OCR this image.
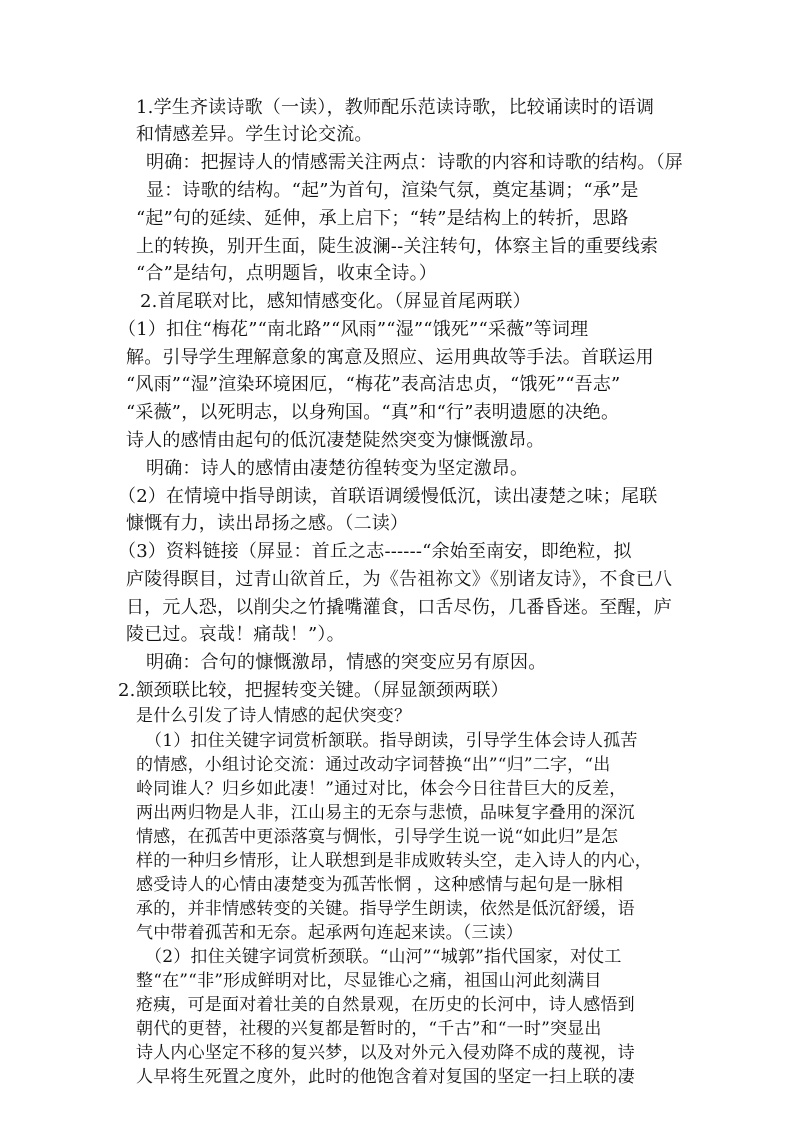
1.学生齐读诗歌（一读），教师配乐范读诗歌，比较诵读时的语调
和情感差异。学生讨论交流。
明确：把握诗人的情感需关注两点：诗歌的内容和诗歌的结构。（屏
显：诗歌的结构。“起”为首句，渲染气氛，奠定基调；“承”是
“起”句的延续、延伸，承上启下；“转”是结构上的转折，思路
上的转换，别开生面，陡生波澜--关注转句，体察主旨的重要线索
“合”是结句，点明题旨，收束全诗。）
2.首尾联对比，感知情感变化。（屏显首尾两联）
（1）扣住“梅花”“南北路”“风雨”“湿”“饿死”“采薇”等词理
解。引导学生理解意象的寓意及照应、运用典故等手法。首联运用
“风雨”“湿”渲染环境困厄，“梅花”表高洁忠贞，“饿死”“吾志”
“采薇”，以死明志，以身殉国。“真”和“行”表明遗愿的决绝。
诗人的感情由起句的低沉凄楚陡然突变为慷慨激昂。
明确：诗人的感情由凄楚彷徨转变为坚定激昂。
（2）在情境中指导朗读，首联语调缓慢低沉，读出凄楚之味；尾联
慷慨有力，读出昂扬之感。（二读）
（3）资料链接（屏显：首丘之志------“余始至南安，即绝粒，拟
庐陵得瞑目，过青山欲首丘，为《告祖祢文》《别诸友诗》，不食已八
日，元人恐，以削尖之竹撬嘴灌食，口舌尽伤，几番昏迷。至醒，庐
陵已过。哀哉！痛哉！”）。
明确：合句的慷慨激昂，情感的突变应另有原因。
2.颔颈联比较，把握转变关键。（屏显颔颈两联）
是什么引发了诗人情感的起伏突变？
（1）扣住关键字词赏析颔联。指导朗读，引导学生体会诗人孤苦
的情感，小组讨论交流：通过改动字词替换“出”“归”二字，“出
岭同谁人？归乡如此凄！”通过对比，体会今日往昔巨大的反差，
两出两归物是人非，江山易主的无奈与悲愤，品味复字叠用的深沉
情感，在孤苦中更添落寞与惆怅，引导学生说一说“如此归”是怎
样的一种归乡情形，让人联想到是非成败转头空，走入诗人的内心，
感受诗人的心情由凄楚变为孤苦怅惘 ，这种感情与起句是一脉相
承的，并非情感转变的关键。指导学生朗读，依然是低沉舒缓，语
气中带着孤苦和无奈。起承两句连起来读。（三读）
（2）扣住关键字词赏析颈联。“山河”“城郭”指代国家，对仗工
整“在”“非”形成鲜明对比，尽显锥心之痛，祖国山河此刻满目
疮痍，可是面对着壮美的自然景观，在历史的长河中，诗人感悟到
朝代的更替，社稷的兴复都是暂时的，“千古”和“一时”突显出
诗人内心坚定不移的复兴梦，以及对外元入侵劝降不成的蔑视，诗
人早将生死置之度外，此时的他饱含着对复国的坚定一扫上联的凄
